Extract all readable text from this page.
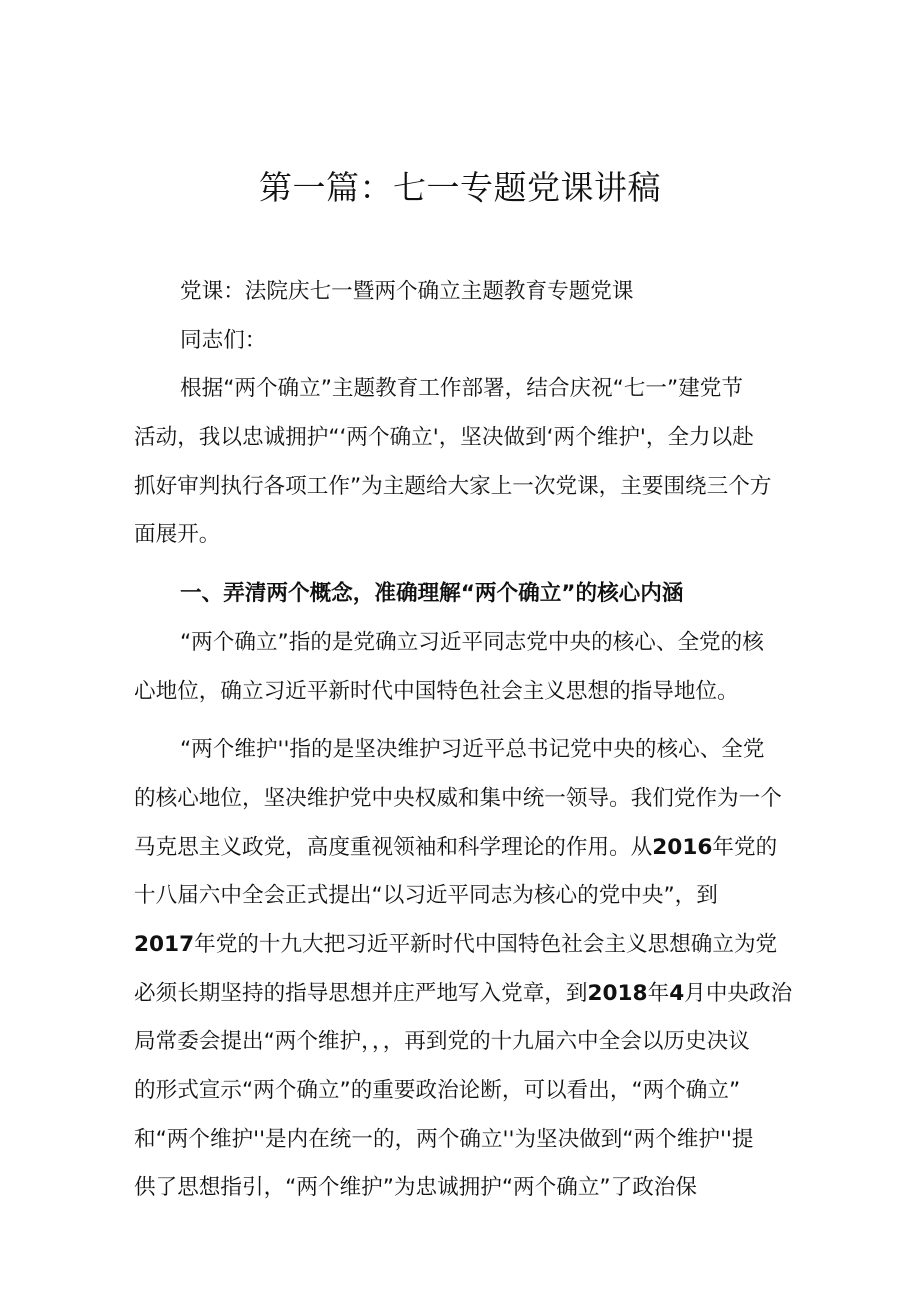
第一篇：七一专题党课讲稿
党课：法院庆七一暨两个确立主题教育专题党课
同志们：
根据“两个确立”主题教育工作部署，结合庆祝“七一”建党节
活动，我以忠诚拥护“‘两个确立'，坚决做到‘两个维护'，全力以赴
抓好审判执行各项工作”为主题给大家上一次党课，主要围绕三个方
面展开。
一、弄清两个概念，准确理解“两个确立”的核心内涵
“两个确立”指的是党确立习近平同志党中央的核心、全党的核
心地位，确立习近平新时代中国特色社会主义思想的指导地位。
“两个维护''指的是坚决维护习近平总书记党中央的核心、全党
的核心地位，坚决维护党中央权威和集中统一领导。我们党作为一个
马克思主义政党，高度重视领袖和科学理论的作用。从2016年党的
十八届六中全会正式提出“以习近平同志为核心的党中央”，到
2017年党的十九大把习近平新时代中国特色社会主义思想确立为党
必须长期坚持的指导思想并庄严地写入党章，到2018年4月中央政治
局常委会提出“两个维护，，，再到党的十九届六中全会以历史决议
的形式宣示“两个确立”的重要政治论断，可以看出，“两个确立”
和“两个维护''是内在统一的，两个确立''为坚决做到“两个维护''提
供了思想指引，“两个维护”为忠诚拥护“两个确立”了政治保
